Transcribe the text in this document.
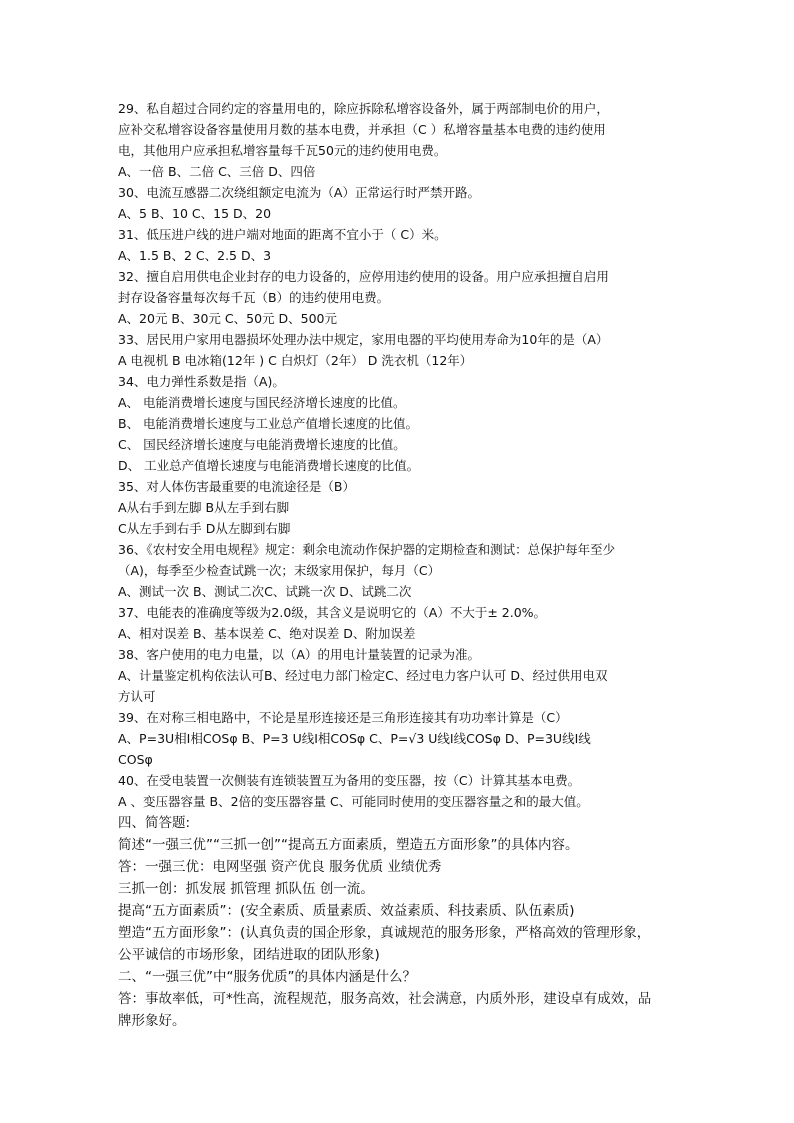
29、私自超过合同约定的容量用电的，除应拆除私增容设备外，属于两部制电价的用户，
应补交私增容设备容量使用月数的基本电费，并承担（C ）私增容量基本电费的违约使用
电，其他用户应承担私增容量每千瓦50元的违约使用电费。
A、一倍 B、二倍 C、三倍 D、四倍
30、电流互感器二次绕组额定电流为（A）正常运行时严禁开路。
A、5 B、10 C、15 D、20
31、低压进户线的进户端对地面的距离不宜小于（ C）米。
A、1.5 B、2 C、2.5 D、3
32、擅自启用供电企业封存的电力设备的，应停用违约使用的设备。用户应承担擅自启用
封存设备容量每次每千瓦（B）的违约使用电费。
A、20元 B、30元 C、50元 D、500元
33、居民用户家用电器损坏处理办法中规定，家用电器的平均使用寿命为10年的是（A）
A 电视机 B 电冰箱(12年 ) C 白炽灯（2年） D 洗衣机（12年）
34、电力弹性系数是指（A)。
A、 电能消费增长速度与国民经济增长速度的比值。
B、 电能消费增长速度与工业总产值增长速度的比值。
C、 国民经济增长速度与电能消费增长速度的比值。
D、 工业总产值增长速度与电能消费增长速度的比值。
35、对人体伤害最重要的电流途径是（B）
A从右手到左脚 B从左手到右脚
C从左手到右手 D从左脚到右脚
36、《农村安全用电规程》规定：剩余电流动作保护器的定期检查和测试：总保护每年至少
（A)，每季至少检查试跳一次；末级家用保护，每月（C）
A、测试一次 B、测试二次C、试跳一次 D、试跳二次
37、电能表的准确度等级为2.0级，其含义是说明它的（A）不大于± 2.0%。
A、相对误差 B、基本误差 C、绝对误差 D、附加误差
38、客户使用的电力电量，以（A）的用电计量装置的记录为准。
A、计量鉴定机构依法认可B、经过电力部门检定C、经过电力客户认可 D、经过供用电双
方认可
39、在对称三相电路中，不论是星形连接还是三角形连接其有功功率计算是（C）
A、P=3U相I相COSφ B、P=3 U线I相COSφ C、P=√3 U线I线COSφ D、P=3U线I线
COSφ
40、在受电装置一次侧装有连锁装置互为备用的变压器，按（C）计算其基本电费。
A 、变压器容量 B、2倍的变压器容量 C、可能同时使用的变压器容量之和的最大值。
四、简答题:
简述“一强三优”“三抓一创”“提高五方面素质，塑造五方面形象”的具体内容。
答：一强三优：电网坚强 资产优良 服务优质 业绩优秀
三抓一创：抓发展 抓管理 抓队伍 创一流。
提高“五方面素质”：(安全素质、质量素质、效益素质、科技素质、队伍素质)
塑造“五方面形象”：(认真负责的国企形象，真诚规范的服务形象，严格高效的管理形象，
公平诚信的市场形象，团结进取的团队形象)
二、“一强三优”中“服务优质”的具体内涵是什么？
答：事故率低，可*性高，流程规范，服务高效，社会满意，内质外形，建设卓有成效，品
牌形象好。
